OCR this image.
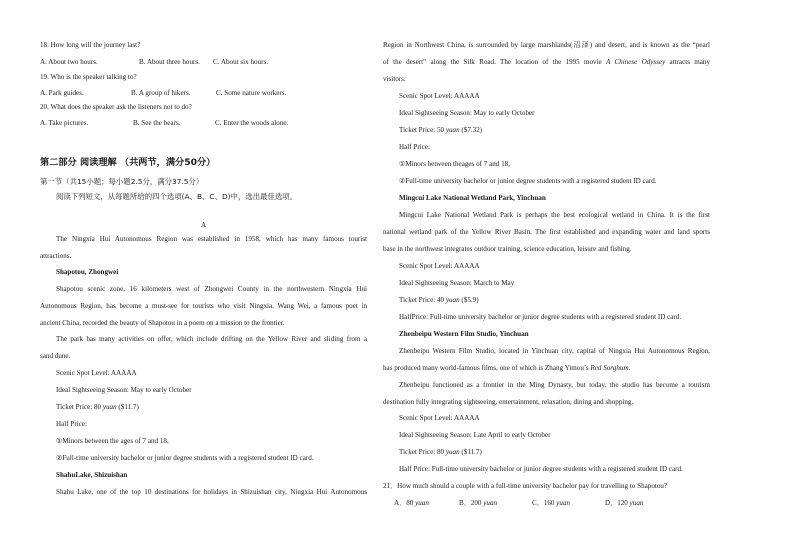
18. How long will the journey last?
A. About two hours.	B. About three hours. C. About six hours.
19. Who is the speaker talking to?
A. Park guides.	B. A group of hikers.	C. Some nature workers.
20. What does the speaker ask the listeners not to do?
A. Take pictures.	B. See the bears.	C. Enter the woods alone.
第二部分 阅读理解 （共两节，满分50分）
第一节（共15小题；每小题2.5分，满分37.5分）
阅读下列短文，从每题所给的四个选项(A、B、C、D)中，选出最佳选项。
A
The Ningxia Hui Autonomous Region was established in 1958, which has many famous tourist
attractions.
Shapotou, Zhongwei
Shapotou scenic zone, 16 kilometers west of Zhongwei County in the northwestern Ningxia Hui
Autonomous Region, has become a must-see for tourists who visit Ningxia. Wang Wei, a famous poet in
ancient China, recorded the beauty of Shapotou in a poem on a mission to the frontier.
The park has many activities on offer, which include drifting on the Yellow River and sliding from a
sand dune.
Scenic Spot Level: AAAAA
Ideal Sightseeing Season: May to early October
Ticket Price: 80 yuan ($11.7)
Half Price:
①Minors between the ages of 7 and 18,
②Full-time university bachelor or junior degree students with a registered student ID card.
ShahuLake, Shizuishan
Shahu Lake, one of the top 10 destinations for holidays in Shizuishan city, Ningxia Hui Autonomous
Region in Northwest China, is surrounded by large marshlands(沼泽) and desert, and is known as the “pearl
of the desert” along the Silk Road. The location of the 1995 movie A Chinese Odyssey attracts many
visitors.
Scenic Spot Level: AAAAA
Ideal Sightseeing Season: May to early October
Ticket Price: 50 yuan ($7.32)
Half Price:
①Minors between theages of 7 and 18,
②Full-time university bachelor or junior degree students with a registered student ID card.
Mingcui Lake National Wetland Park, Yinchuan
Mingcui Lake National Wetland Park is perhaps the best ecological wetland in China. It is the first
national wetland park of the Yellow River Basin. The first established and expanding water and land sports
base in the northwest integrates outdoor training, science education, leisure and fishing.
Scenic Spot Level: AAAAA
Ideal Sightseeing Season: March to May
Ticket Price: 40 yuan ($5.9)
HalfPrice: Full-time university bachelor or junior degree students with a registered student ID card.
Zhenbeipu Western Film Studio, Yinchuan
Zhenbeipu Western Film Studio, located in Yinchuan city, capital of Ningxia Hui Autonomous Region,
has produced many world-famous films, one of which is Zhang Yimou’s Red Sorghum.
Zhenbeipu functioned as a frontier in the Ming Dynasty, but today, the studio has become a tourism
destination fully integrating sightseeing, entertainment, relaxation, dining and shopping.
Scenic Spot Level: AAAAA
Ideal Sightseeing Season: Late April to early October
Ticket Price: 80 yuan ($11.7)
Half Price: Full-time university bachelor or junior degree students with a registered student ID card.
21．How much should a couple with a full-time university bachelor pay for travelling to Shapotou?
A．80 yuan	B．200 yuan	C．160 yuan	D．120 yuan
